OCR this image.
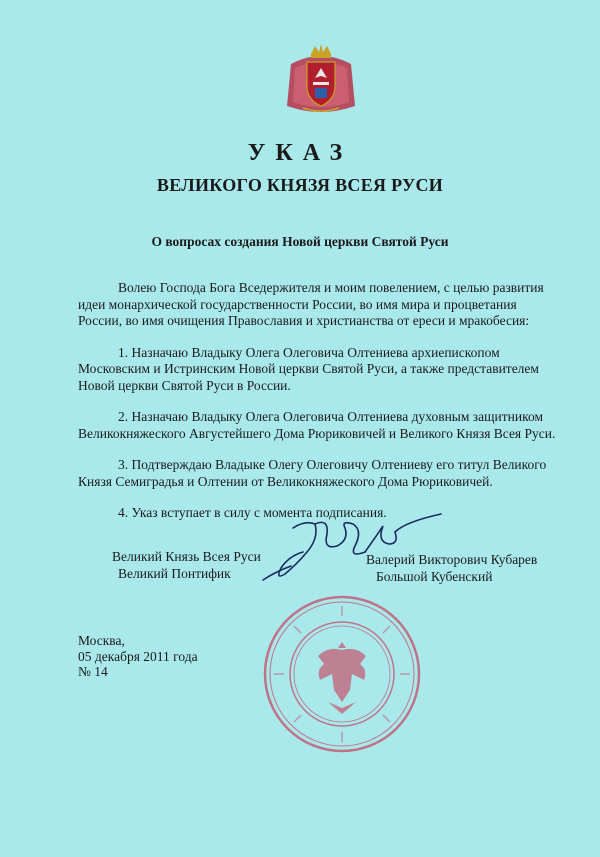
УКАЗ
ВЕЛИКОГО КНЯЗЯ ВСЕЯ РУСИ
О вопросах создания Новой церкви Святой Руси

Волею Господа Бога Вседержителя и моим повелением, с целью развития идеи монархической государственности России, во имя мира и процветания России, во имя очищения Православия и христианства от ереси и мракобесия:

1. Назначаю Владыку Олега Олеговича Олтениева архиепископом Московским и Истринским Новой церкви Святой Руси, а также представителем Новой церкви Святой Руси в России.

2. Назначаю Владыку Олега Олеговича Олтениева духовным защитником Великокняжеского Августейшего Дома Рюриковичей и Великого Князя Всея Руси.

3. Подтверждаю Владыке Олегу Олеговичу Олтениеву его титул Великого Князя Семиградья и Олтении от Великокняжеского Дома Рюриковичей.

4. Указ вступает в силу с момента подписания.

Великий Князь Всея Руси
Великий Понтифик
Валерий Викторович Кубарев
Большой Кубенский
Москва,
05 декабря 2011 года
№ 14
